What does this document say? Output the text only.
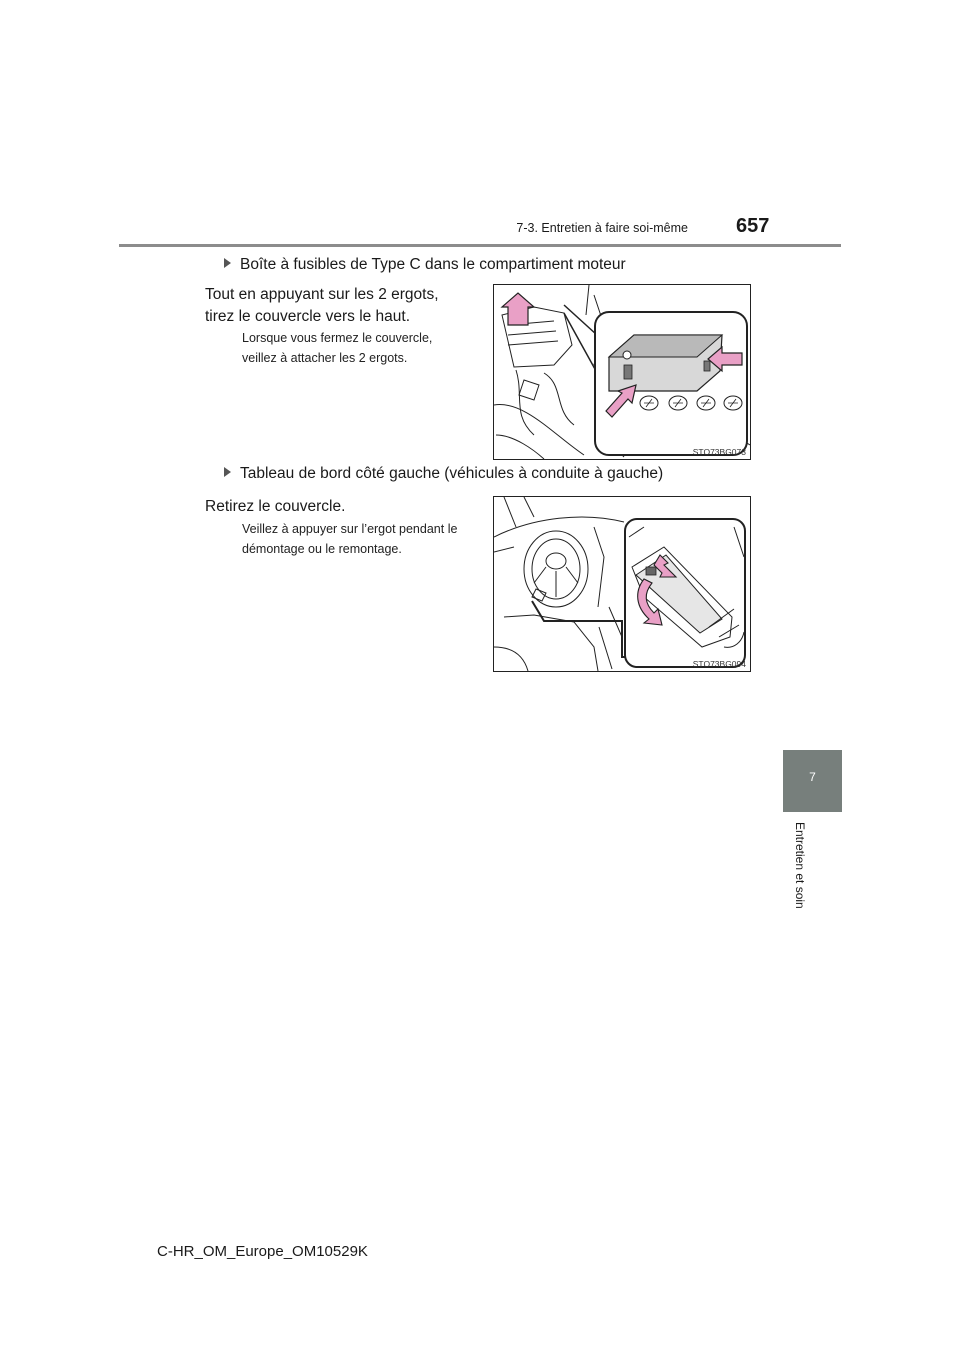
7-3. Entretien à faire soi-même 657
7
Entretien et soin
Boîte à fusibles de Type C dans le compartiment moteur
Tout en appuyant sur les 2 ergots,
tirez le couvercle vers le haut.
Lorsque vous fermez le couvercle,
veillez à attacher les 2 ergots.
STO73BG073
Tableau de bord côté gauche (véhicules à conduite à gauche)
Retirez le couvercle.
Veillez à appuyer sur l’ergot pendant le
démontage ou le remontage.
STO73BG094
C-HR_OM_Europe_OM10529K
